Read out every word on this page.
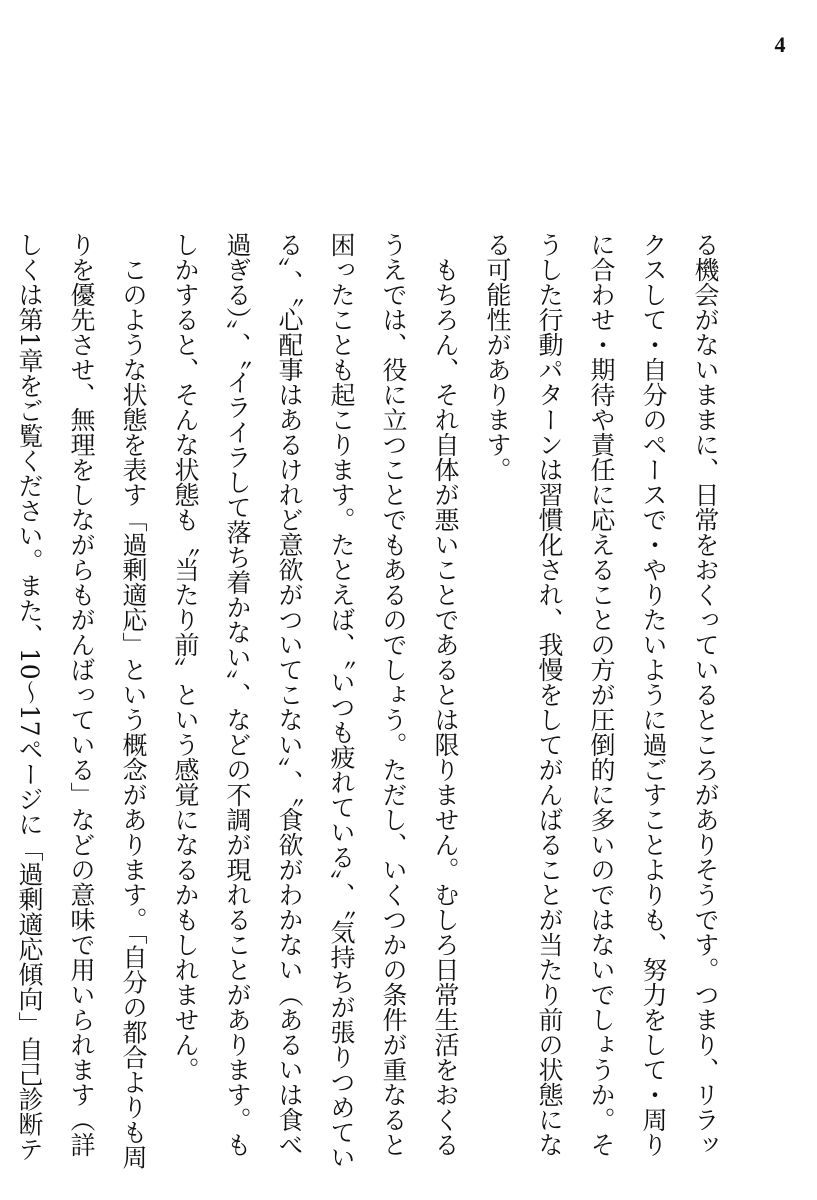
4

る機会がないままに、日常をおくっているところがありそうです。つまり、リラックスして・自分のペースで・やりたいように過ごすことよりも、努力をして・周りに合わせ・期待や責任に応えることの方が圧倒的に多いのではないでしょうか。そうした行動パターンは習慣化され、我慢をしてがんばることが当たり前の状態になる可能性があります。

もちろん、それ自体が悪いことであるとは限りません。むしろ日常生活をおくるうえでは、役に立つことでもあるのでしょう。ただし、いくつかの条件が重なると困ったことも起こります。たとえば、〝いつも疲れている〟、〝気持ちが張りつめている〟、〝心配事はあるけれど意欲がついてこない〟、〝食欲がわかない（あるいは食べ過ぎる）〟、〝イライラして落ち着かない〟、などの不調が現れることがあります。もしかすると、そんな状態も〝当たり前〟という感覚になるかもしれません。

このような状態を表す「過剰適応」という概念があります。「自分の都合よりも周りを優先させ、無理をしながらもがんばっている」などの意味で用いられます（詳しくは第1章をご覧ください。また、10〜17ページに「過剰適応傾向」自己診断テ
